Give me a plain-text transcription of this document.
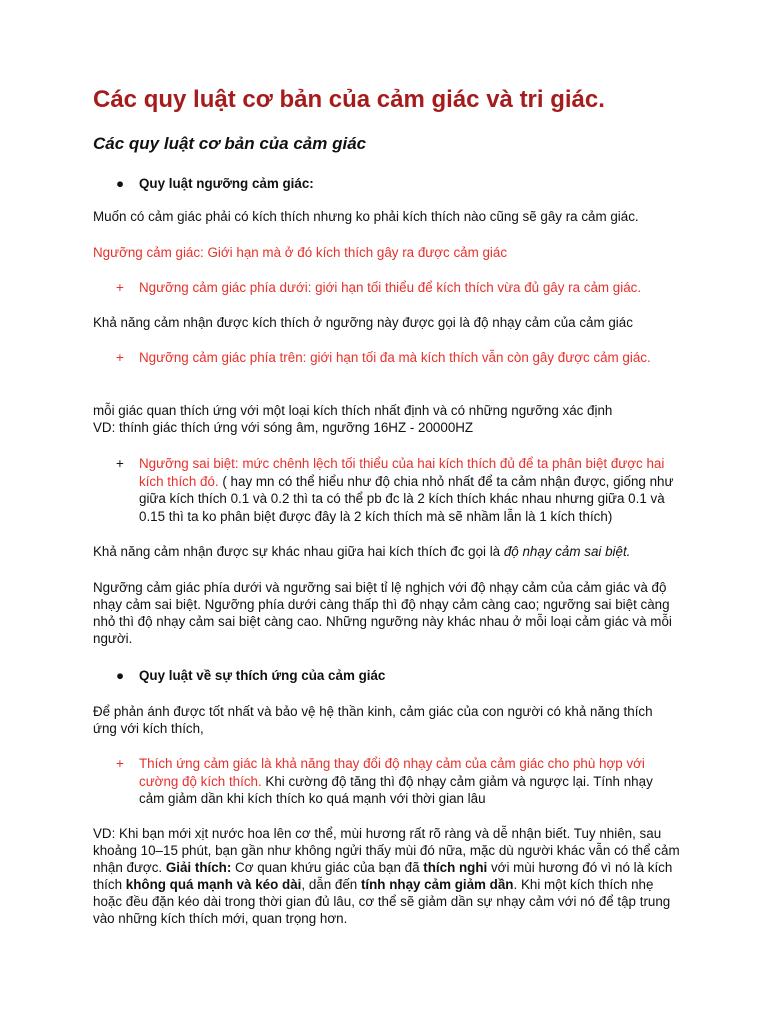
Các quy luật cơ bản của cảm giác và tri giác.
Các quy luật cơ bản của cảm giác
● Quy luật ngưỡng cảm giác:

Muốn có cảm giác phải có kích thích nhưng ko phải kích thích nào cũng sẽ gây ra cảm giác.

Ngưỡng cảm giác: Giới hạn mà ở đó kích thích gây ra được cảm giác

+ Ngưỡng cảm giác phía dưới: giới hạn tối thiểu để kích thích vừa đủ gây ra cảm giác.

Khả năng cảm nhận được kích thích ở ngưỡng này được gọi là độ nhạy cảm của cảm giác

+ Ngưỡng cảm giác phía trên: giới hạn tối đa mà kích thích vẫn còn gây được cảm giác.
mỗi giác quan thích ứng với một loại kích thích nhất định và có những ngưỡng xác định
VD: thính giác thích ứng với sóng âm, ngưỡng 16HZ - 20000HZ
+ Ngưỡng sai biệt: mức chênh lệch tối thiểu của hai kích thích đủ để ta phân biệt được hai kích thích đó. ( hay mn có thể hiểu như độ chia nhỏ nhất để ta cảm nhận được, giống như giữa kích thích 0.1 và 0.2 thì ta có thể pb đc là 2 kích thích khác nhau nhưng giữa 0.1 và 0.15 thì ta ko phân biệt được đây là 2 kích thích mà sẽ nhầm lẫn là 1 kích thích)

Khả năng cảm nhận được sự khác nhau giữa hai kích thích đc gọi là độ nhạy cảm sai biệt.

Ngưỡng cảm giác phía dưới và ngưỡng sai biệt tỉ lệ nghịch với độ nhạy cảm của cảm giác và độ nhạy cảm sai biệt. Ngưỡng phía dưới càng thấp thì độ nhạy cảm càng cao; ngưỡng sai biệt càng nhỏ thì độ nhạy cảm sai biệt càng cao. Những ngưỡng này khác nhau ở mỗi loại cảm giác và mỗi người.

● Quy luật về sự thích ứng của cảm giác

Để phản ánh được tốt nhất và bảo vệ hệ thần kinh, cảm giác của con người có khả năng thích ứng với kích thích,

+ Thích ứng cảm giác là khả năng thay đổi độ nhạy cảm của cảm giác cho phù hợp với cường độ kích thích. Khi cường độ tăng thì độ nhạy cảm giảm và ngược lại. Tính nhạy cảm giảm dần khi kích thích ko quá mạnh với thời gian lâu

VD: Khi bạn mới xịt nước hoa lên cơ thể, mùi hương rất rõ ràng và dễ nhận biết. Tuy nhiên, sau khoảng 10–15 phút, bạn gần như không ngửi thấy mùi đó nữa, mặc dù người khác vẫn có thể cảm nhận được. Giải thích: Cơ quan khứu giác của bạn đã thích nghi với mùi hương đó vì nó là kích thích không quá mạnh và kéo dài, dẫn đến tính nhạy cảm giảm dần. Khi một kích thích nhẹ hoặc đều đặn kéo dài trong thời gian đủ lâu, cơ thể sẽ giảm dần sự nhạy cảm với nó để tập trung vào những kích thích mới, quan trọng hơn.
